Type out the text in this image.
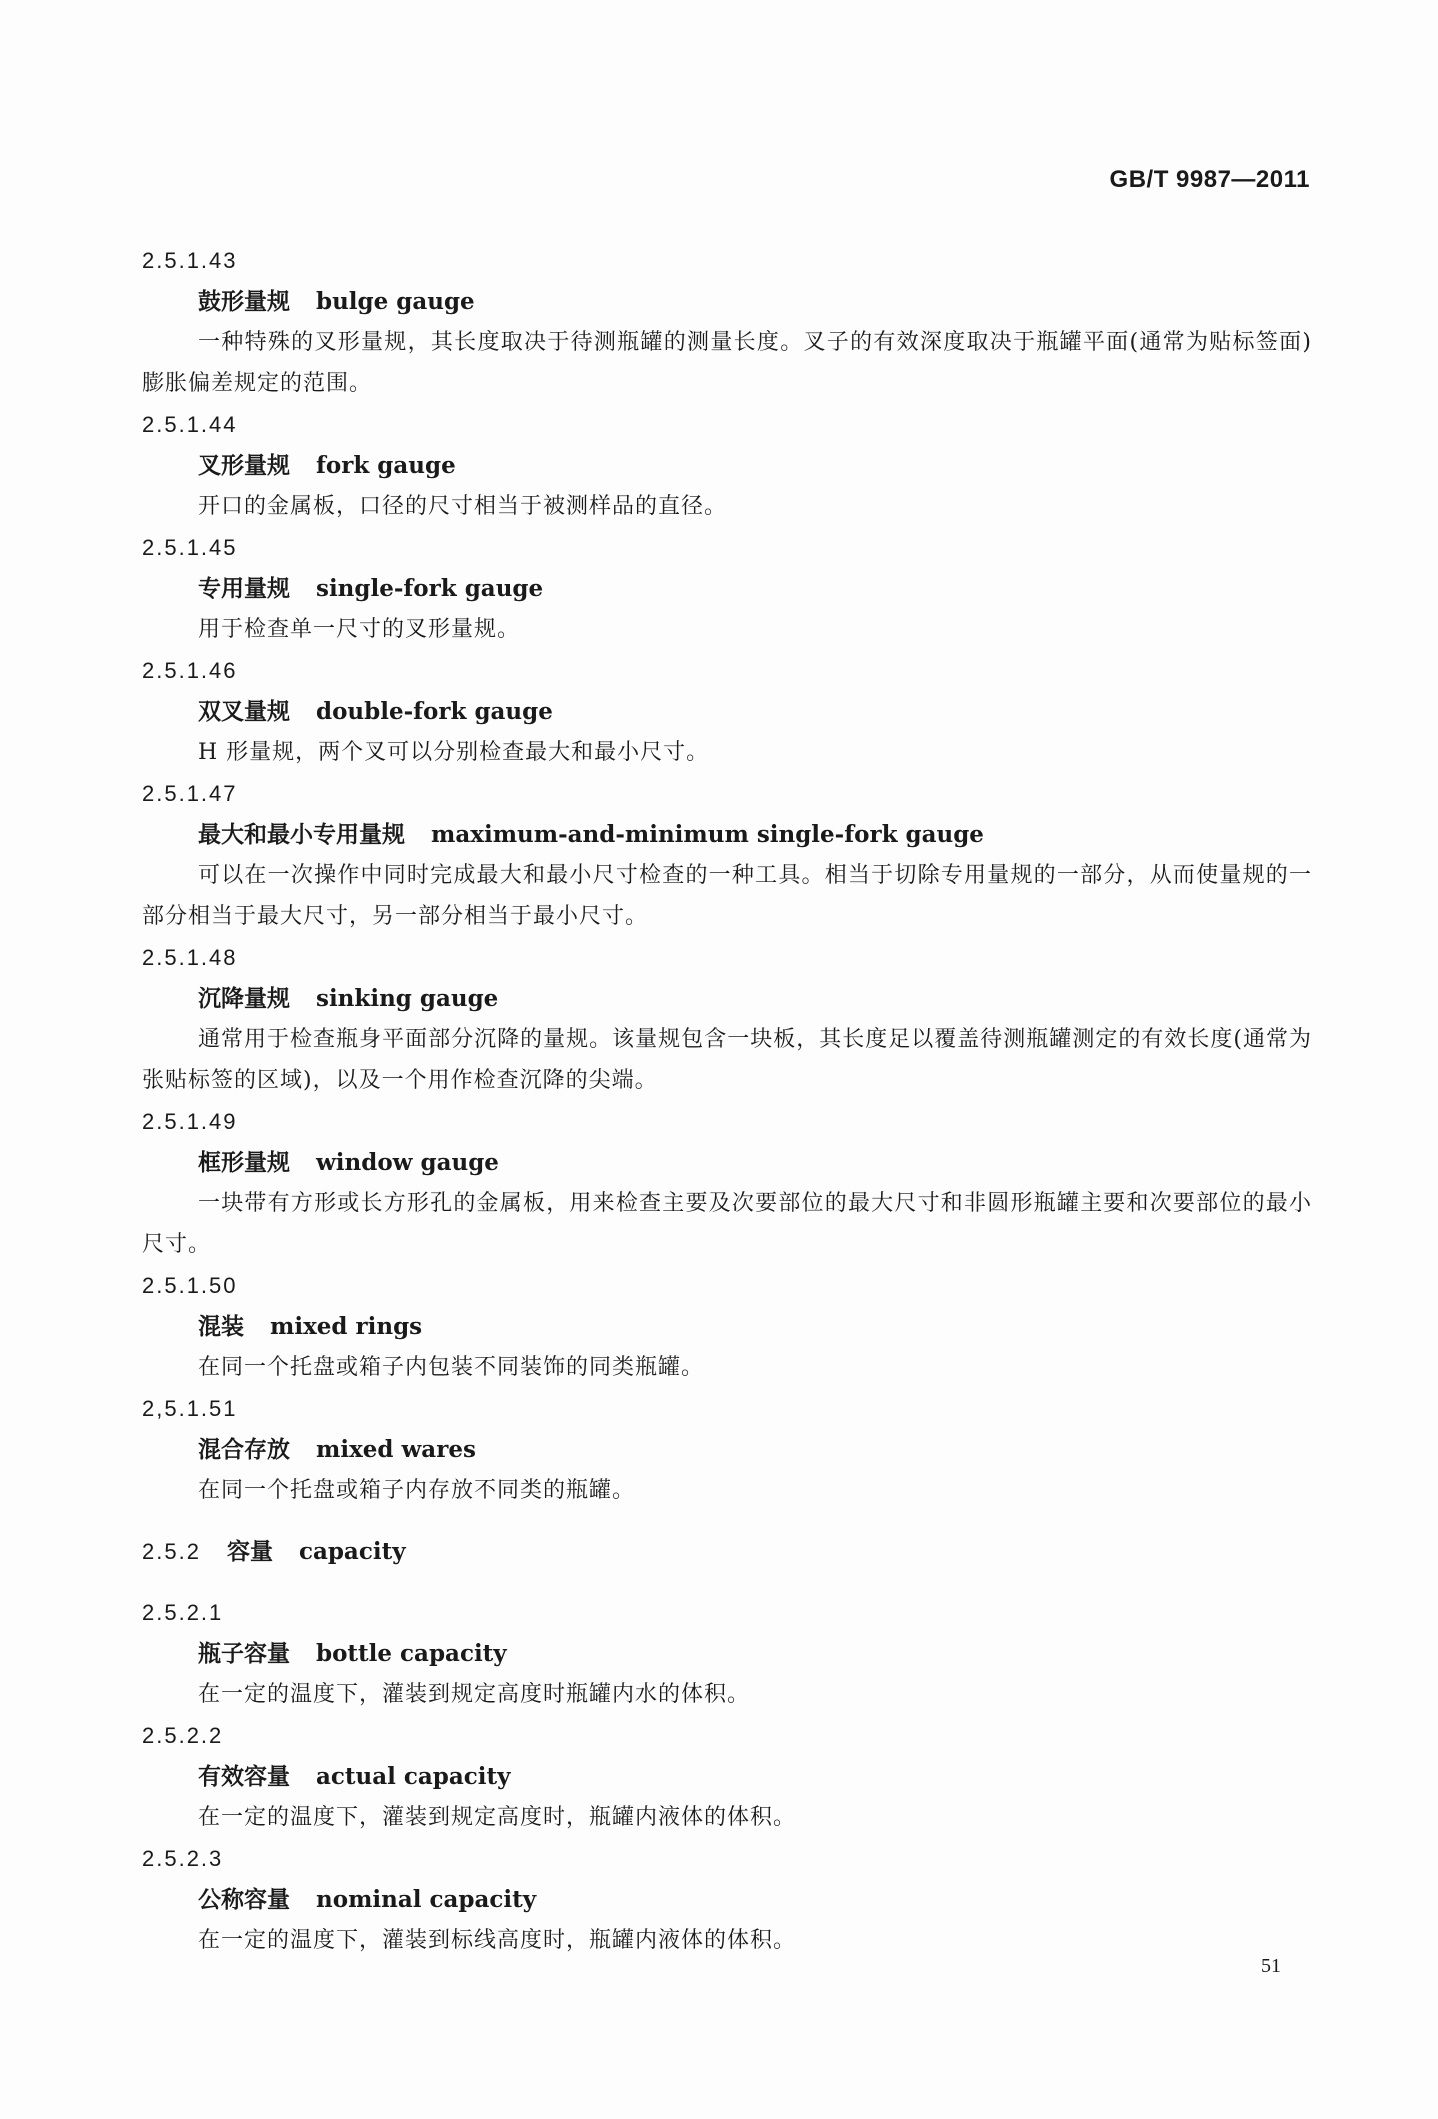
GB/T 9987—2011
2.5.1.43
鼓形量规 bulge gauge
一种特殊的叉形量规，其长度取决于待测瓶罐的测量长度。叉子的有效深度取决于瓶罐平面(通常为贴标签面)膨胀偏差规定的范围。
2.5.1.44
叉形量规 fork gauge
开口的金属板，口径的尺寸相当于被测样品的直径。
2.5.1.45
专用量规 single-fork gauge
用于检查单一尺寸的叉形量规。
2.5.1.46
双叉量规 double-fork gauge
H 形量规，两个叉可以分别检查最大和最小尺寸。
2.5.1.47
最大和最小专用量规 maximum-and-minimum single-fork gauge
可以在一次操作中同时完成最大和最小尺寸检查的一种工具。相当于切除专用量规的一部分，从而使量规的一部分相当于最大尺寸，另一部分相当于最小尺寸。
2.5.1.48
沉降量规 sinking gauge
通常用于检查瓶身平面部分沉降的量规。该量规包含一块板，其长度足以覆盖待测瓶罐测定的有效长度(通常为张贴标签的区域)，以及一个用作检查沉降的尖端。
2.5.1.49
框形量规 window gauge
一块带有方形或长方形孔的金属板，用来检查主要及次要部位的最大尺寸和非圆形瓶罐主要和次要部位的最小尺寸。
2.5.1.50
混装 mixed rings
在同一个托盘或箱子内包装不同装饰的同类瓶罐。
2,5.1.51
混合存放 mixed wares
在同一个托盘或箱子内存放不同类的瓶罐。
2.5.2 容量 capacity
2.5.2.1
瓶子容量 bottle capacity
在一定的温度下，灌装到规定高度时瓶罐内水的体积。
2.5.2.2
有效容量 actual capacity
在一定的温度下，灌装到规定高度时，瓶罐内液体的体积。
2.5.2.3
公称容量 nominal capacity
在一定的温度下，灌装到标线高度时，瓶罐内液体的体积。
51
